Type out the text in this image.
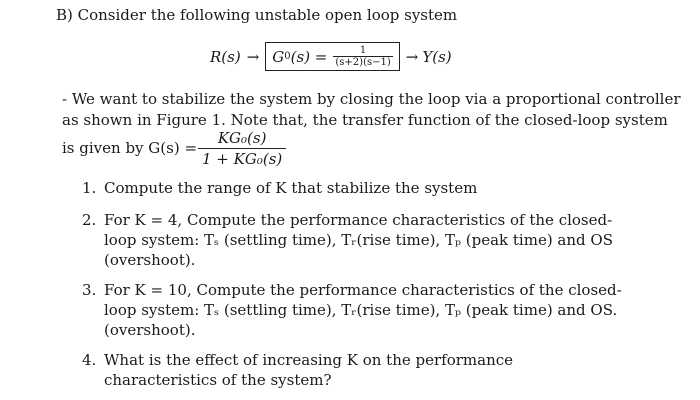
B) Consider the following unstable open loop system
R(s) → G 0 $(s) = \frac{1}{(s+2)(s-1)} \to Y(s)$
- We want to stabilize the system by closing the loop via a proportional controller
as shown in Figure 1. Note that, the transfer function of the closed-loop system
is given by $G(s) = \frac{\text{KG₀(s)}}{\text{1 + KG₀(s)}}$
1. Compute the range of K that stabilize the system
2. For K = 4, Compute the performance characteristics of the closed-loop system: Tₛ (settling time), Tᵣ(rise time), Tₚ (peak time) and OS (overshoot).
3. For K = 10, Compute the performance characteristics of the closed-loop system: Tₛ (settling time), Tᵣ(rise time), Tₚ (peak time) and OS. (overshoot).
4. What is the effect of increasing K on the performance characteristics of the system?
